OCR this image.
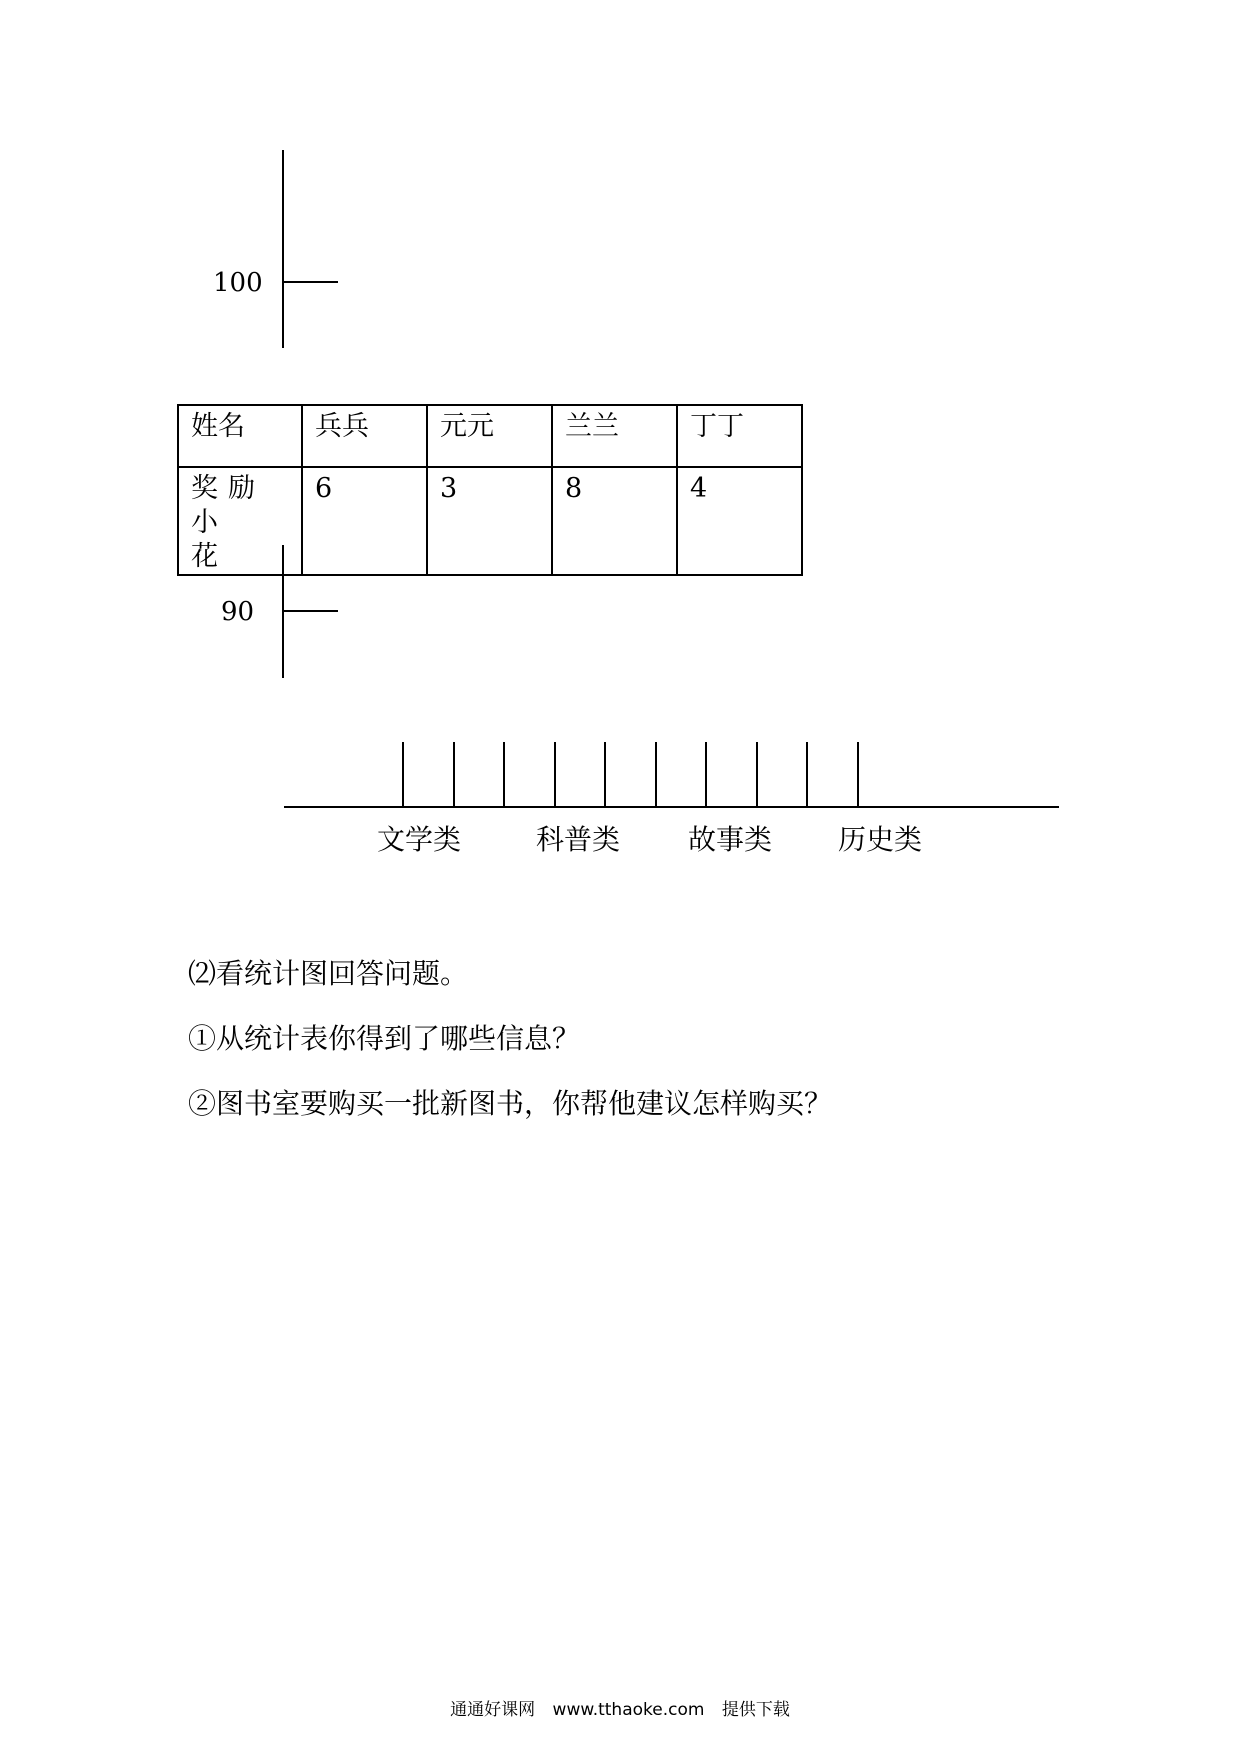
100
姓名	兵兵	元元	兰兰	丁丁
奖励小
花	6	3	8	4
90
文学类	科普类 故事类 历史类
⑵看统计图回答问题。
①从统计表你得到了哪些信息？
②图书室要购买一批新图书，你帮他建议怎样购买？
通通好课网 www.tthaoke.com 提供下载
